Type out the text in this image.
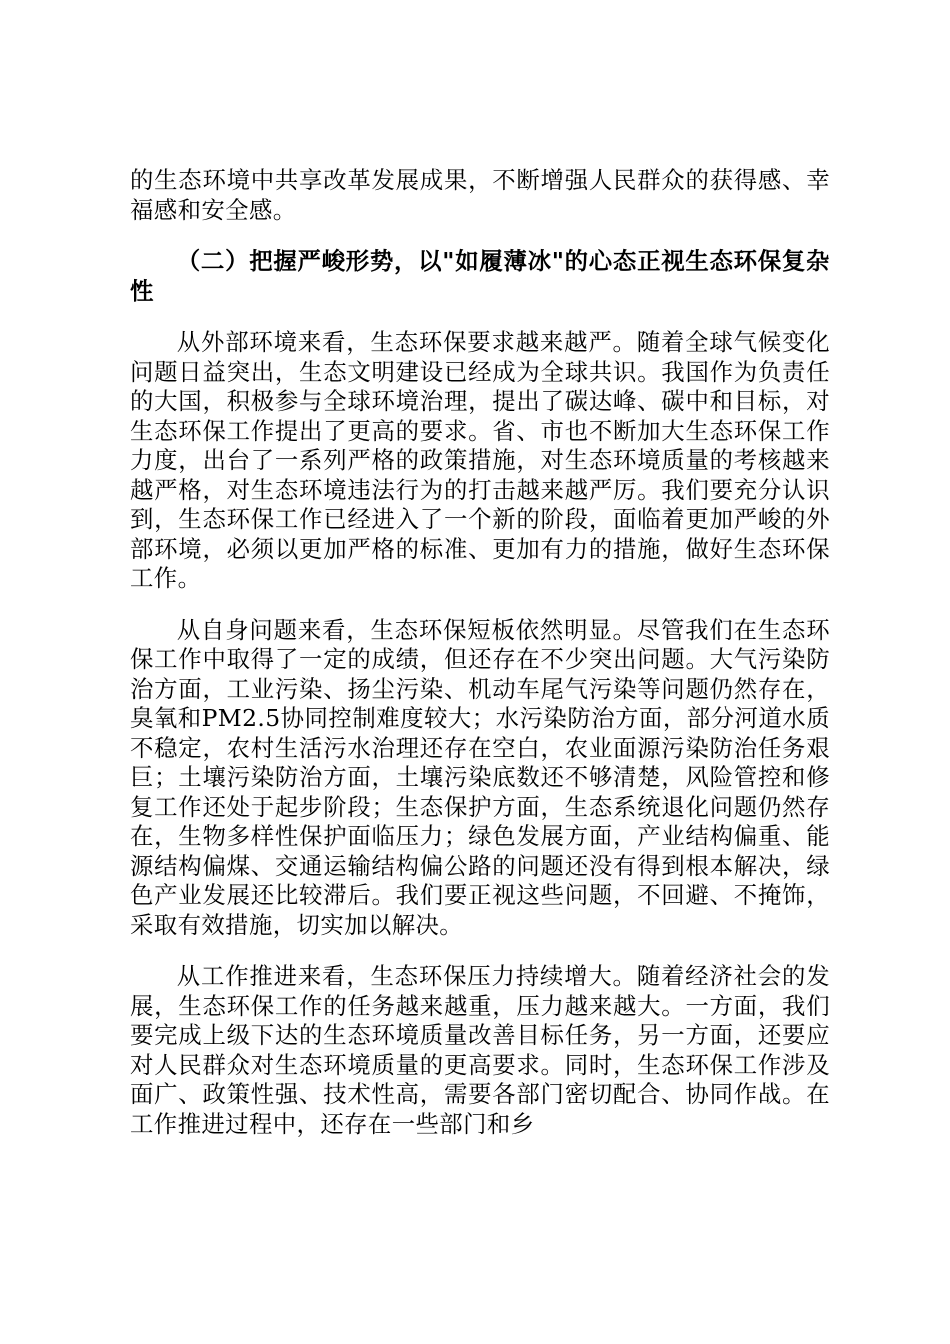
的生态环境中共享改革发展成果，不断增强人民群众的获得感、幸福感和安全感。

（二）把握严峻形势，以"如履薄冰"的心态正视生态环保复杂性

从外部环境来看，生态环保要求越来越严。随着全球气候变化问题日益突出，生态文明建设已经成为全球共识。我国作为负责任的大国，积极参与全球环境治理，提出了碳达峰、碳中和目标，对生态环保工作提出了更高的要求。省、市也不断加大生态环保工作力度，出台了一系列严格的政策措施，对生态环境质量的考核越来越严格，对生态环境违法行为的打击越来越严厉。我们要充分认识到，生态环保工作已经进入了一个新的阶段，面临着更加严峻的外部环境，必须以更加严格的标准、更加有力的措施，做好生态环保工作。

从自身问题来看，生态环保短板依然明显。尽管我们在生态环保工作中取得了一定的成绩，但还存在不少突出问题。大气污染防治方面，工业污染、扬尘污染、机动车尾气污染等问题仍然存在，臭氧和PM2.5协同控制难度较大；水污染防治方面，部分河道水质不稳定，农村生活污水治理还存在空白，农业面源污染防治任务艰巨；土壤污染防治方面，土壤污染底数还不够清楚，风险管控和修复工作还处于起步阶段；生态保护方面，生态系统退化问题仍然存在，生物多样性保护面临压力；绿色发展方面，产业结构偏重、能源结构偏煤、交通运输结构偏公路的问题还没有得到根本解决，绿色产业发展还比较滞后。我们要正视这些问题，不回避、不掩饰，采取有效措施，切实加以解决。

从工作推进来看，生态环保压力持续增大。随着经济社会的发展，生态环保工作的任务越来越重，压力越来越大。一方面，我们要完成上级下达的生态环境质量改善目标任务，另一方面，还要应对人民群众对生态环境质量的更高要求。同时，生态环保工作涉及面广、政策性强、技术性高，需要各部门密切配合、协同作战。在工作推进过程中，还存在一些部门和乡
